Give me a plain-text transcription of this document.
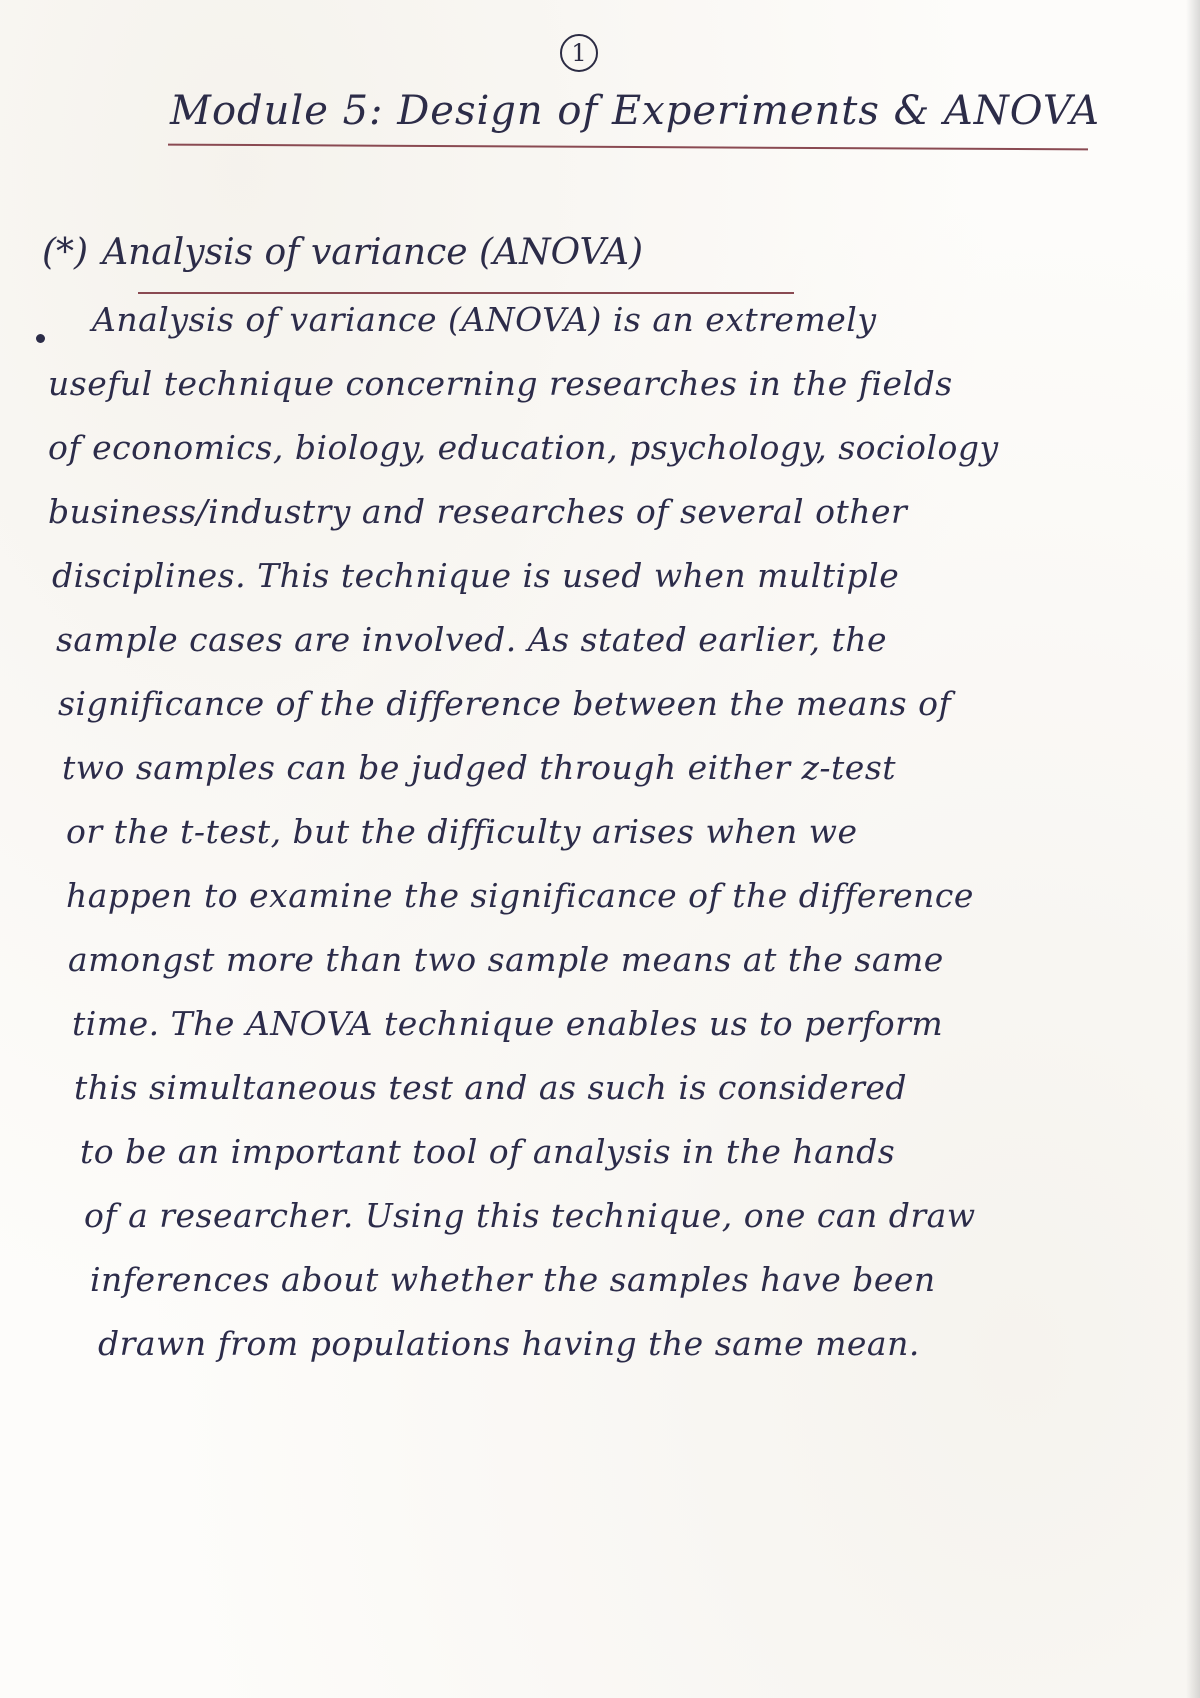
1
Module 5: Design of Experiments & ANOVA
(*) Analysis of variance (ANOVA)
Analysis of variance (ANOVA) is an extremely
useful technique concerning researches in the fields
of economics, biology, education, psychology, sociology
business/industry and researches of several other
disciplines. This technique is used when multiple
sample cases are involved. As stated earlier, the
significance of the difference between the means of
two samples can be judged through either z-test
or the t-test, but the difficulty arises when we
happen to examine the significance of the difference
amongst more than two sample means at the same
time. The ANOVA technique enables us to perform
this simultaneous test and as such is considered
to be an important tool of analysis in the hands
of a researcher. Using this technique, one can draw
inferences about whether the samples have been
drawn from populations having the same mean.
